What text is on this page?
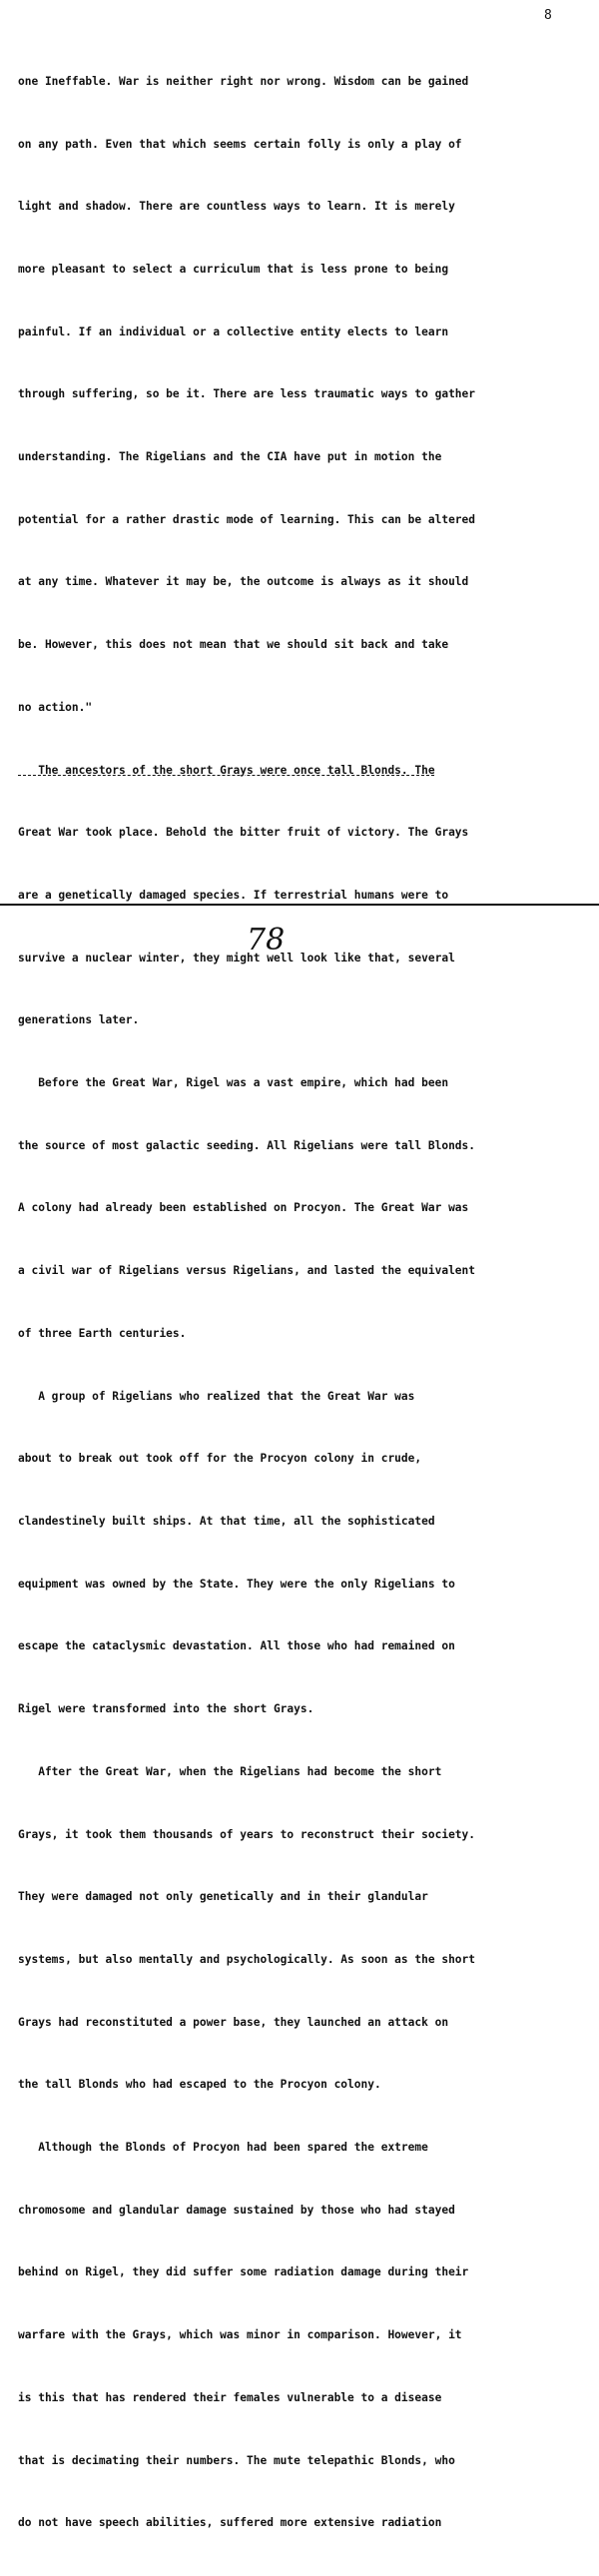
8

one Ineffable. War is neither right nor wrong. Wisdom can be gained

on any path. Even that which seems certain folly is only a play of

light and shadow. There are countless ways to learn. It is merely

more pleasant to select a curriculum that is less prone to being

painful. If an individual or a collective entity elects to learn

through suffering, so be it. There are less traumatic ways to gather

understanding. The Rigelians and the CIA have put in motion the

potential for a rather drastic mode of learning. This can be altered

at any time. Whatever it may be, the outcome is always as it should

be. However, this does not mean that we should sit back and take

no action."

The ancestors of the short Grays were once tall Blonds. The

Great War took place. Behold the bitter fruit of victory. The Grays

are a genetically damaged species. If terrestrial humans were to

survive a nuclear winter, they might well look like that, several

generations later.

Before the Great War, Rigel was a vast empire, which had been

the source of most galactic seeding. All Rigelians were tall Blonds.

A colony had already been established on Procyon. The Great War was

a civil war of Rigelians versus Rigelians, and lasted the equivalent

of three Earth centuries.

A group of Rigelians who realized that the Great War was

about to break out took off for the Procyon colony in crude,

clandestinely built ships. At that time, all the sophisticated

equipment was owned by the State. They were the only Rigelians to

escape the cataclysmic devastation. All those who had remained on

Rigel were transformed into the short Grays.

After the Great War, when the Rigelians had become the short

Grays, it took them thousands of years to reconstruct their society.

They were damaged not only genetically and in their glandular

systems, but also mentally and psychologically. As soon as the short

Grays had reconstituted a power base, they launched an attack on

the tall Blonds who had escaped to the Procyon colony.

Although the Blonds of Procyon had been spared the extreme

chromosome and glandular damage sustained by those who had stayed

behind on Rigel, they did suffer some radiation damage during their

warfare with the Grays, which was minor in comparison. However, it

is this that has rendered their females vulnerable to a disease

that is decimating their numbers. The mute telepathic Blonds, who

do not have speech abilities, suffered more extensive radiation

78
